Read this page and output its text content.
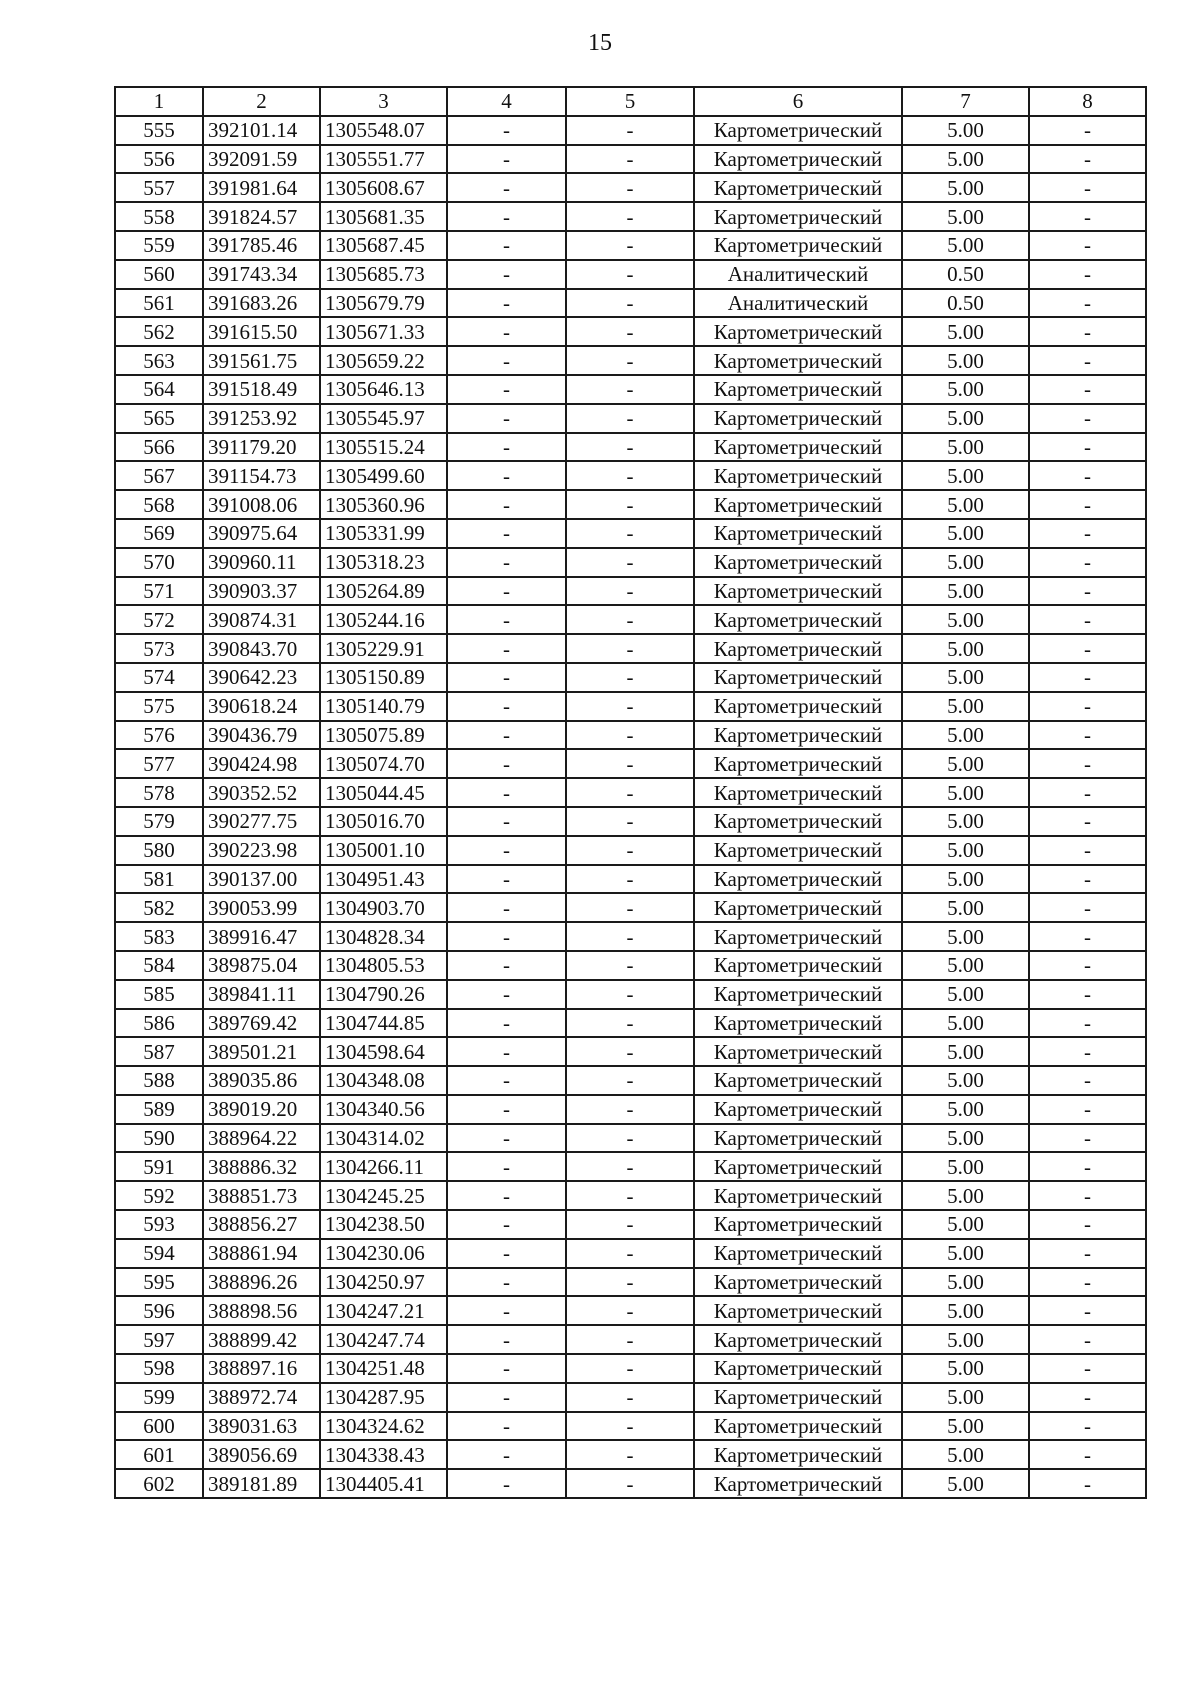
15
1	2	3	4	5	6	7	8
555	392101.14	1305548.07	-	-	Картометрический	5.00	-
556	392091.59	1305551.77	-	-	Картометрический	5.00	-
557	391981.64	1305608.67	-	-	Картометрический	5.00	-
558	391824.57	1305681.35	-	-	Картометрический	5.00	-
559	391785.46	1305687.45	-	-	Картометрический	5.00	-
560	391743.34	1305685.73	-	-	Аналитический	0.50	-
561	391683.26	1305679.79	-	-	Аналитический	0.50	-
562	391615.50	1305671.33	-	-	Картометрический	5.00	-
563	391561.75	1305659.22	-	-	Картометрический	5.00	-
564	391518.49	1305646.13	-	-	Картометрический	5.00	-
565	391253.92	1305545.97	-	-	Картометрический	5.00	-
566	391179.20	1305515.24	-	-	Картометрический	5.00	-
567	391154.73	1305499.60	-	-	Картометрический	5.00	-
568	391008.06	1305360.96	-	-	Картометрический	5.00	-
569	390975.64	1305331.99	-	-	Картометрический	5.00	-
570	390960.11	1305318.23	-	-	Картометрический	5.00	-
571	390903.37	1305264.89	-	-	Картометрический	5.00	-
572	390874.31	1305244.16	-	-	Картометрический	5.00	-
573	390843.70	1305229.91	-	-	Картометрический	5.00	-
574	390642.23	1305150.89	-	-	Картометрический	5.00	-
575	390618.24	1305140.79	-	-	Картометрический	5.00	-
576	390436.79	1305075.89	-	-	Картометрический	5.00	-
577	390424.98	1305074.70	-	-	Картометрический	5.00	-
578	390352.52	1305044.45	-	-	Картометрический	5.00	-
579	390277.75	1305016.70	-	-	Картометрический	5.00	-
580	390223.98	1305001.10	-	-	Картометрический	5.00	-
581	390137.00	1304951.43	-	-	Картометрический	5.00	-
582	390053.99	1304903.70	-	-	Картометрический	5.00	-
583	389916.47	1304828.34	-	-	Картометрический	5.00	-
584	389875.04	1304805.53	-	-	Картометрический	5.00	-
585	389841.11	1304790.26	-	-	Картометрический	5.00	-
586	389769.42	1304744.85	-	-	Картометрический	5.00	-
587	389501.21	1304598.64	-	-	Картометрический	5.00	-
588	389035.86	1304348.08	-	-	Картометрический	5.00	-
589	389019.20	1304340.56	-	-	Картометрический	5.00	-
590	388964.22	1304314.02	-	-	Картометрический	5.00	-
591	388886.32	1304266.11	-	-	Картометрический	5.00	-
592	388851.73	1304245.25	-	-	Картометрический	5.00	-
593	388856.27	1304238.50	-	-	Картометрический	5.00	-
594	388861.94	1304230.06	-	-	Картометрический	5.00	-
595	388896.26	1304250.97	-	-	Картометрический	5.00	-
596	388898.56	1304247.21	-	-	Картометрический	5.00	-
597	388899.42	1304247.74	-	-	Картометрический	5.00	-
598	388897.16	1304251.48	-	-	Картометрический	5.00	-
599	388972.74	1304287.95	-	-	Картометрический	5.00	-
600	389031.63	1304324.62	-	-	Картометрический	5.00	-
601	389056.69	1304338.43	-	-	Картометрический	5.00	-
602	389181.89	1304405.41	-	-	Картометрический	5.00	-
